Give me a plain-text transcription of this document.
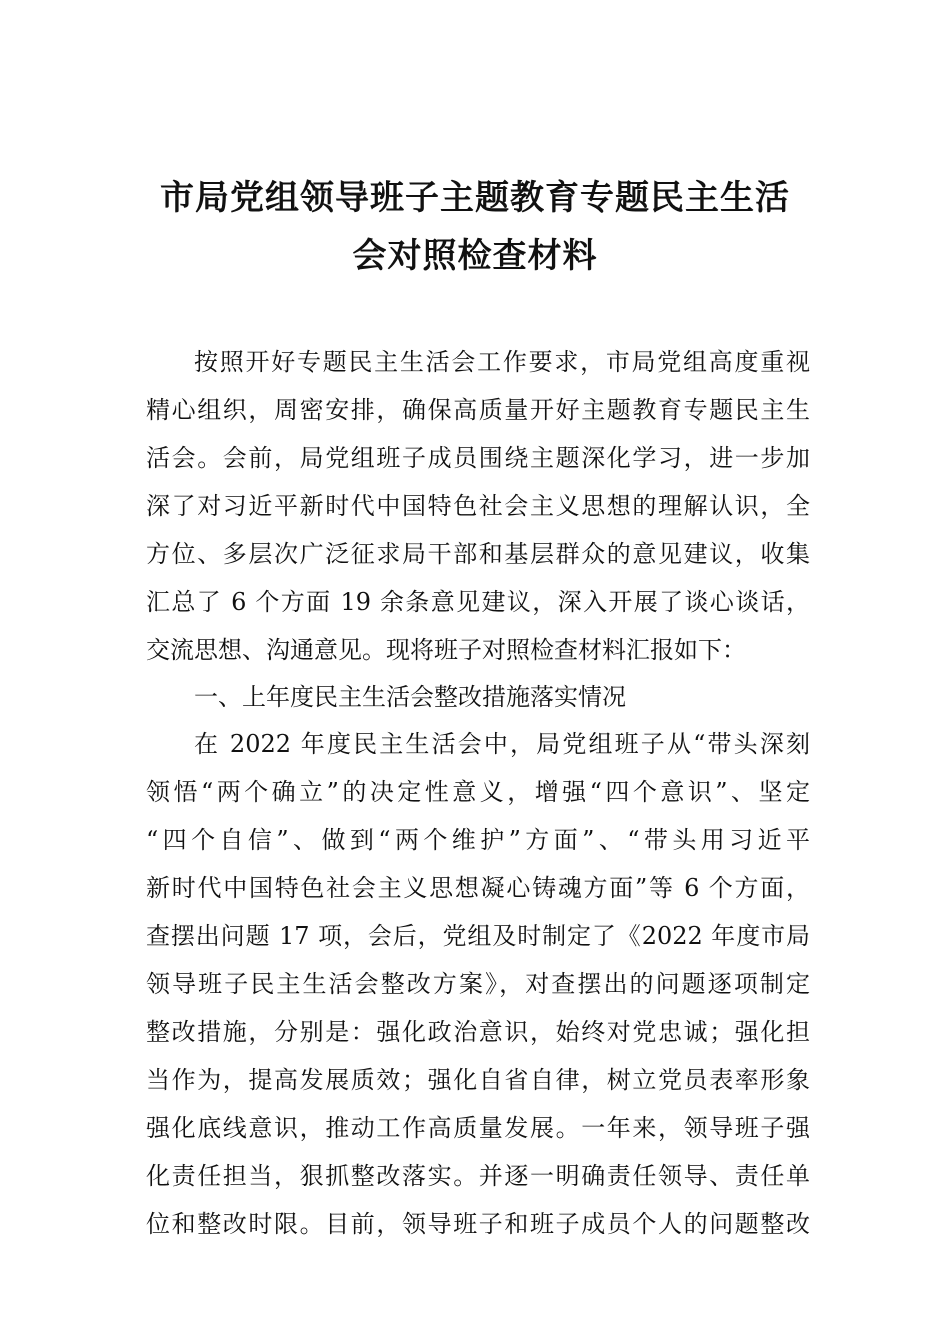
市局党组领导班子主题教育专题民主生活
会对照检查材料
按照开好专题民主生活会工作要求，市局党组高度重视
精心组织，周密安排，确保高质量开好主题教育专题民主生
活会。会前，局党组班子成员围绕主题深化学习，进一步加
深了对习近平新时代中国特色社会主义思想的理解认识，全
方位、多层次广泛征求局干部和基层群众的意见建议，收集
汇总了 6 个方面 19 余条意见建议，深入开展了谈心谈话，
交流思想、沟通意见。现将班子对照检查材料汇报如下：
一、上年度民主生活会整改措施落实情况
在 2022 年度民主生活会中，局党组班子从“带头深刻
领悟“两个确立”的决定性意义，增强“四个意识”、坚定
“四个自信”、做到“两个维护”方面”、“带头用习近平
新时代中国特色社会主义思想凝心铸魂方面”等 6 个方面，
查摆出问题 17 项，会后，党组及时制定了《2022 年度市局
领导班子民主生活会整改方案》，对查摆出的问题逐项制定
整改措施，分别是：强化政治意识，始终对党忠诚；强化担
当作为，提高发展质效；强化自省自律，树立党员表率形象
强化底线意识，推动工作高质量发展。一年来，领导班子强
化责任担当，狠抓整改落实。并逐一明确责任领导、责任单
位和整改时限。目前，领导班子和班子成员个人的问题整改
